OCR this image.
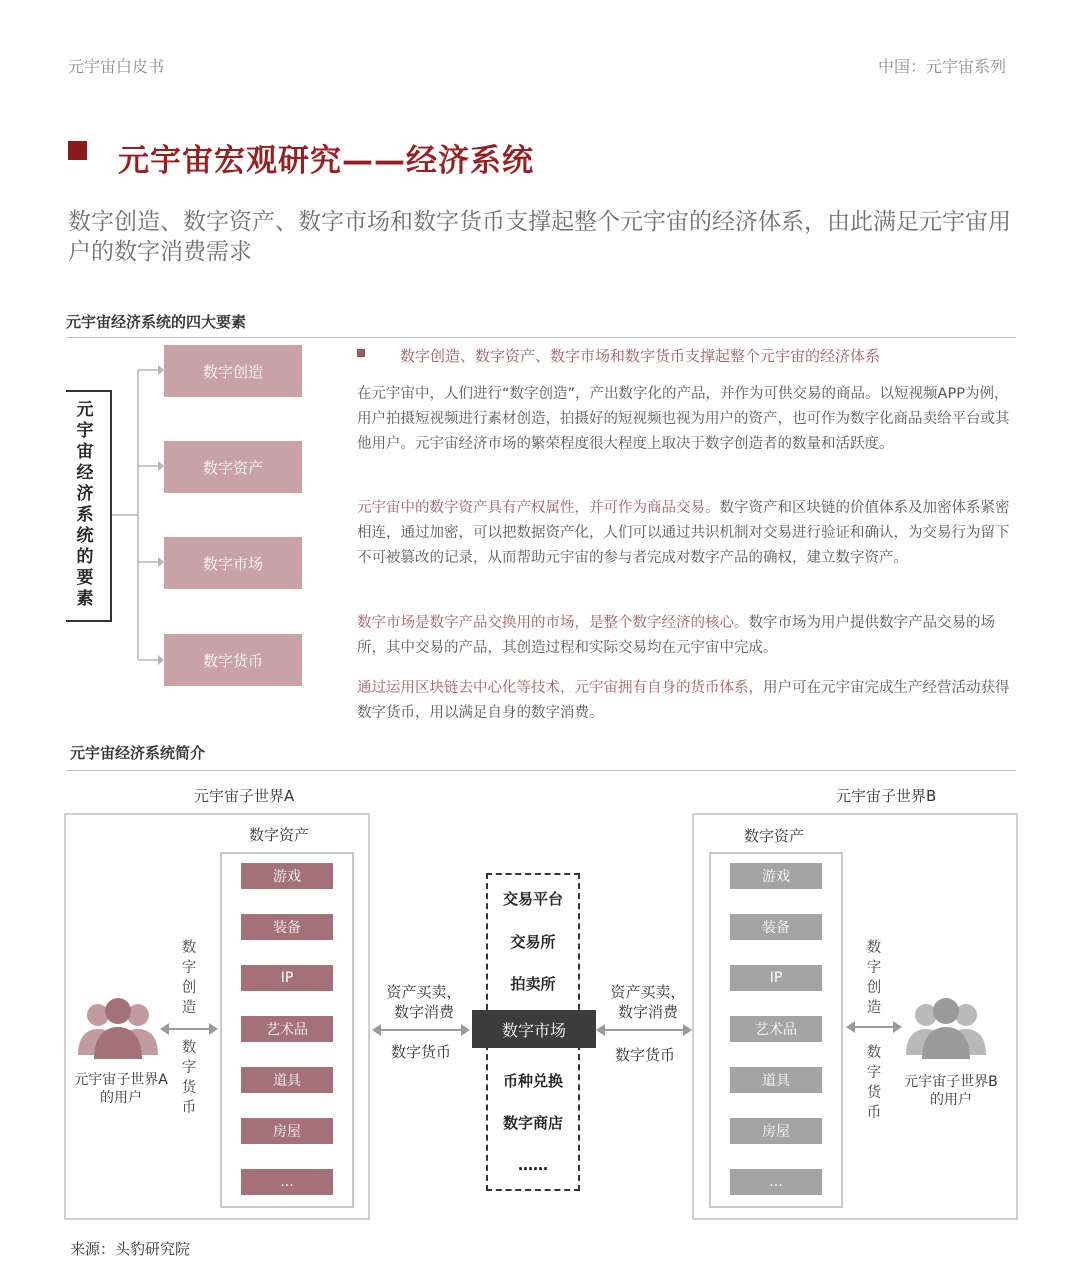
元宇宙白皮书	中国：元宇宙系列
元宇宙宏观研究——经济系统
数字创造、数字资产、数字市场和数字货币支撑起整个元宇宙的经济体系，由此满足元宇宙用户的数字消费需求
元宇宙经济系统的四大要素
元宇宙经济系统的要素
数字创造
数字资产
数字市场
数字货币
数字创造、数字资产、数字市场和数字货币支撑起整个元宇宙的经济体系
在元宇宙中，人们进行“数字创造”，产出数字化的产品，并作为可供交易的商品。以短视频APP为例，用户拍摄短视频进行素材创造，拍摄好的短视频也视为用户的资产，也可作为数字化商品卖给平台或其他用户。元宇宙经济市场的繁荣程度很大程度上取决于数字创造者的数量和活跃度。
元宇宙中的数字资产具有产权属性，并可作为商品交易。数字资产和区块链的价值体系及加密体系紧密相连，通过加密，可以把数据资产化，人们可以通过共识机制对交易进行验证和确认，为交易行为留下不可被篡改的记录，从而帮助元宇宙的参与者完成对数字产品的确权，建立数字资产。
数字市场是数字产品交换用的市场，是整个数字经济的核心。数字市场为用户提供数字产品交易的场所，其中交易的产品，其创造过程和实际交易均在元宇宙中完成。
通过运用区块链去中心化等技术，元宇宙拥有自身的货币体系，用户可在元宇宙完成生产经营活动获得数字货币，用以满足自身的数字消费。
元宇宙经济系统简介
元宇宙子世界A
数字资产
游戏
装备
IP
艺术品
道具
房屋
...
数字创造
数字货币
元宇宙子世界A
的用户
资产买卖，
数字消费
数字货币
交易平台
交易所
拍卖所
数字市场
币种兑换
数字商店
……
资产买卖，
数字消费
数字货币
元宇宙子世界B
数字资产
游戏
装备
IP
艺术品
道具
房屋
...
数字创造
数字货币
元宇宙子世界B
的用户
来源：头豹研究院
